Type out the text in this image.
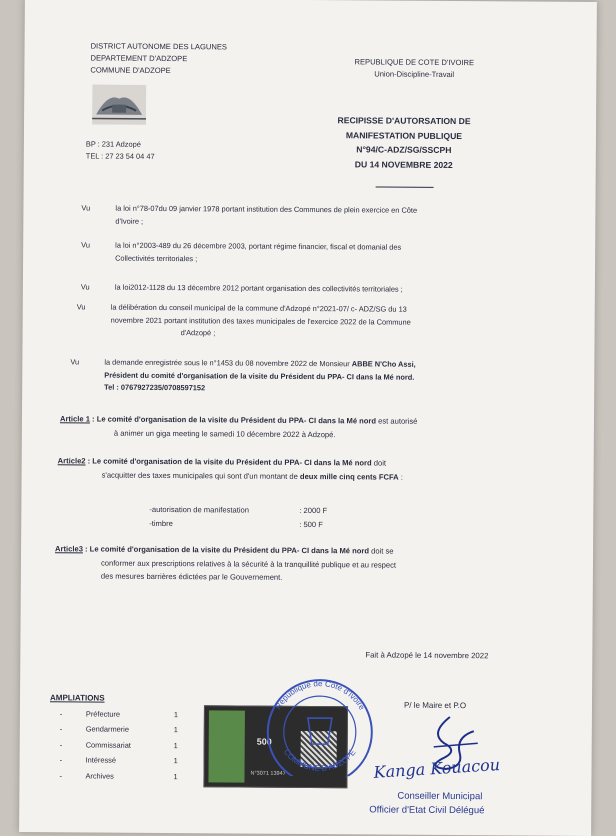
DISTRICT AUTONOME DES LAGUNES
DEPARTEMENT D'ADZOPE
COMMUNE D'ADZOPE
BP : 231 Adzopé
TEL : 27 23 54 04 47
REPUBLIQUE DE COTE D'IVOIRE
Union-Discipline-Travail
RECIPISSE D'AUTORSATION DE
MANIFESTATION PUBLIQUE
N°94/C-ADZ/SG/SSCPH
DU 14 NOVEMBRE 2022
Vu	la loi n°78-07du 09 janvier 1978 portant institution des Communes de plein exercice en Côte
d'Ivoire ;
Vu	la loi n°2003-489 du 26 décembre 2003, portant régime financier, fiscal et domanial des
Collectivités territoriales ;
Vu	la loi2012-1128 du 13 décembre 2012 portant organisation des collectivités territoriales ;
Vu	la délibération du conseil municipal de la commune d'Adzopé n°2021-07/ c- ADZ/SG du 13
novembre 2021 portant institution des taxes municipales de l'exercice 2022 de la Commune
d'Adzopé ;
Vu	la demande enregistrée sous le n°1453 du 08 novembre 2022 de Monsieur ABBE N'Cho Assi,
Président du comité d'organisation de la visite du Président du PPA- CI dans la Mé nord.
Tel : 0767927235/0708597152
Article 1 : Le comité d'organisation de la visite du Président du PPA- CI dans la Mé nord est autorisé
à animer un giga meeting le samedi 10 décembre 2022 à Adzopé.
Article2 : Le comité d'organisation de la visite du Président du PPA- CI dans la Mé nord doit
s'acquitter des taxes municipales qui sont d'un montant de deux mille cinq cents FCFA :
-autorisation de manifestation	: 2000 F
-timbre	: 500 F
Article3 : Le comité d'organisation de la visite du Président du PPA- CI dans la Mé nord doit se
conformer aux prescriptions relatives à la sécurité à la tranquillité publique et au respect
des mesures barrières édictées par le Gouvernement.
Fait à Adzopé le 14 novembre 2022
AMPLIATIONS
-	Préfecture	1
-	Gendarmerie	1
-	Commissariat	1
-	Intéressé	1
-	Archives	1
500
N°3071 13947
République de Côte d'Ivoire
COMMUNE D'ADZOPÉ
P/ le Maire et P.O
Kanga Kouacou
Conseiller Municipal
Officier d'Etat Civil Délégué
